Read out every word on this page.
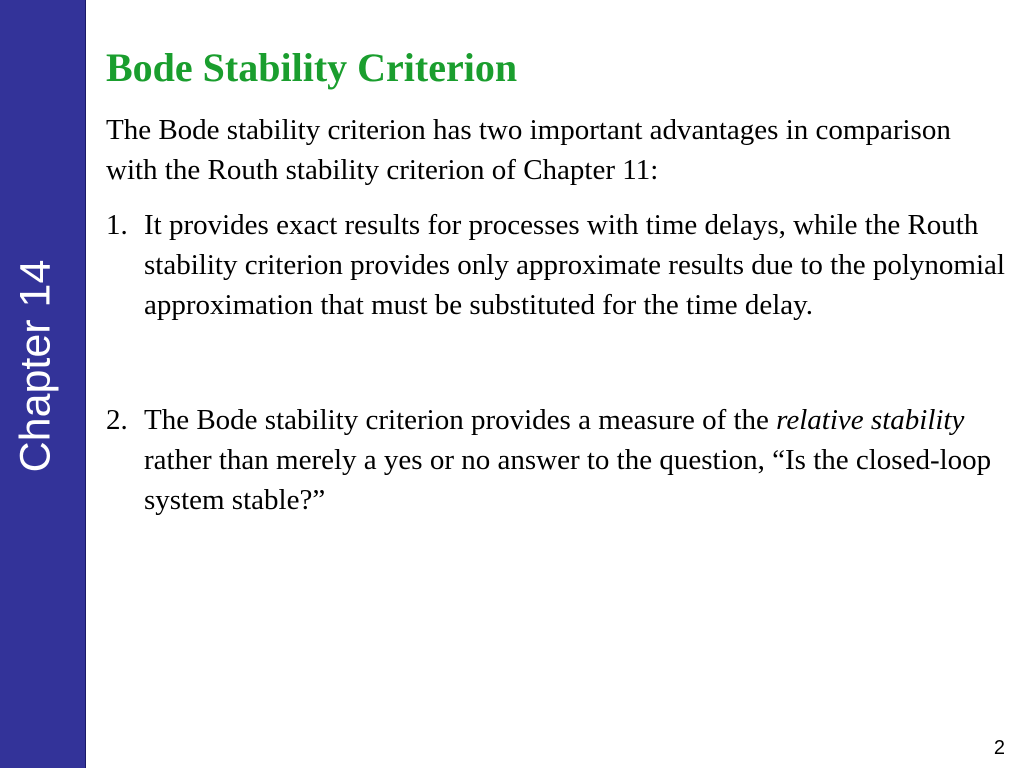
Chapter 14
Bode Stability Criterion

The Bode stability criterion has two important advantages in comparison with the Routh stability criterion of Chapter 11:

1. It provides exact results for processes with time delays, while the Routh stability criterion provides only approximate results due to the polynomial approximation that must be substituted for the time delay.
2. The Bode stability criterion provides a measure of the relative stability rather than merely a yes or no answer to the question, “Is the closed-loop system stable?”
2
